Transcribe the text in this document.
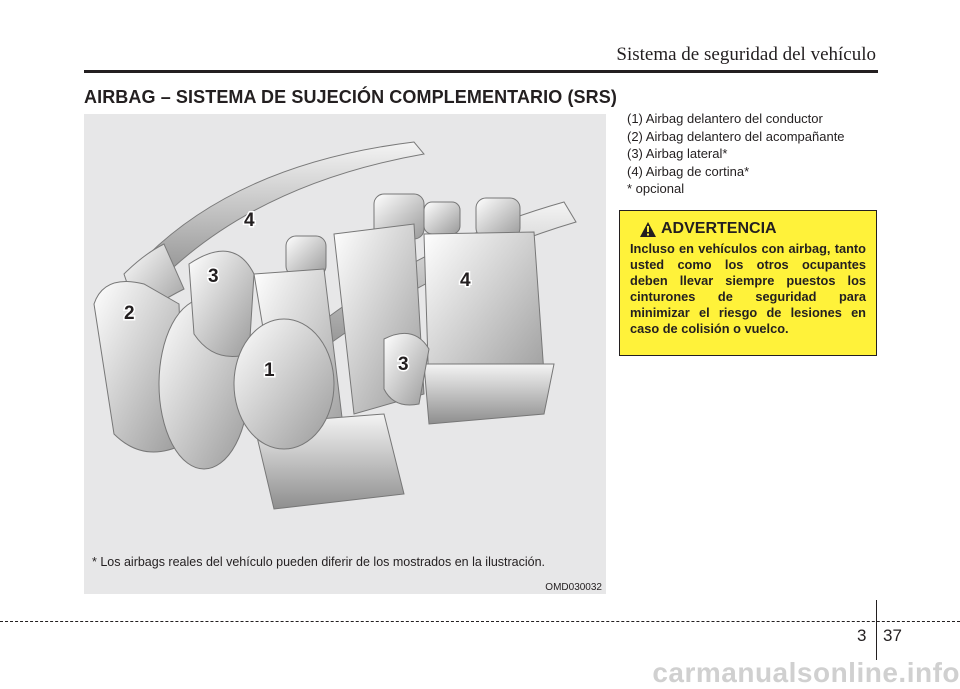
Sistema de seguridad del vehículo
AIRBAG – SISTEMA DE SUJECIÓN COMPLEMENTARIO (SRS)
4
3
2
1
4
3
* Los airbags reales del vehículo pueden diferir de los mostrados en la ilustración.
OMD030032
(1) Airbag delantero del conductor
(2) Airbag delantero del acompañante
(3) Airbag lateral*
(4) Airbag de cortina*
* opcional
ADVERTENCIA
Incluso en vehículos con airbag, tanto usted como los otros ocupantes deben llevar siempre puestos los cinturones de seguridad para minimizar el riesgo de lesiones en caso de colisión o vuelco.
3 37
carmanualsonline.info
